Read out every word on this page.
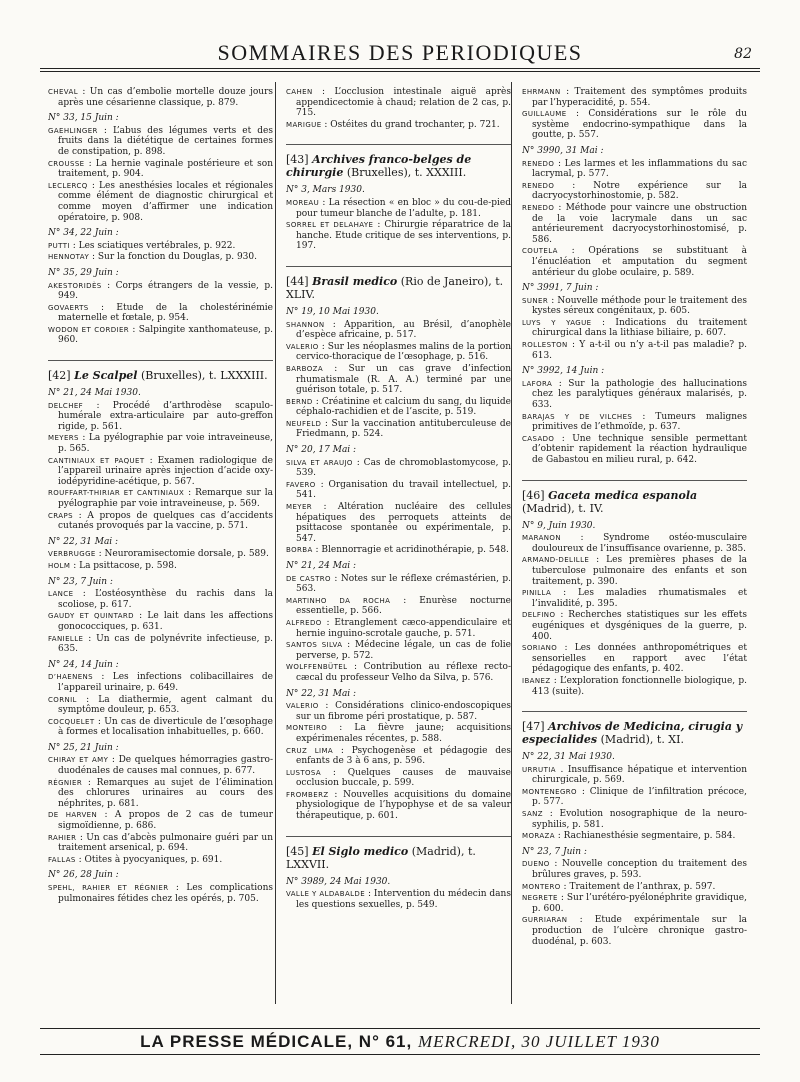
SOMMAIRES DES PERIODIQUES	82
CHEVAL : Un cas d’embolie mortelle douze jours après une césarienne classique, p. 879.
N° 33, 15 Juin :
GAEHLINGER : L’abus des légumes verts et des fruits dans la diététique de certaines formes de constipation, p. 898.
CROUSSE : La hernie vaginale postérieure et son traitement, p. 904.
LECLERCQ : Les anesthésies locales et régionales comme élément de diagnostic chirurgical et comme moyen d’affirmer une indication opératoire, p. 908.
N° 34, 22 Juin :
PUTTI : Les sciatiques vertébrales, p. 922.
HENNOTAY : Sur la fonction du Douglas, p. 930.
N° 35, 29 Juin :
AKESTORIDÈS : Corps étrangers de la vessie, p. 949.
GOVAERTS : Etude de la cholestérinémie maternelle et fœtale, p. 954.
WODON ET CORDIER : Salpingite xanthomateuse, p. 960.
[42] Le Scalpel (Bruxelles), t. LXXXIII.
N° 21, 24 Mai 1930.
DELCHEF : Procédé d’arthrodèse scapulo-humérale extra-articulaire par auto-greffon rigide, p. 561.
MEYERS : La pyélographie par voie intraveineuse, p. 565.
CANTINIAUX ET PAQUET : Examen radiologique de l’appareil urinaire après injection d’acide oxy-iodépyridine-acétique, p. 567.
ROUFFART-THIRIAR ET CANTINIAUX : Remarque sur la pyélographie par voie intraveineuse, p. 569.
CRAPS : A propos de quelques cas d’accidents cutanés provoqués par la vaccine, p. 571.
N° 22, 31 Mai :
VERBRUGGE : Neuroramisectomie dorsale, p. 589.
HOLM : La psittacose, p. 598.
N° 23, 7 Juin :
LANCE : L’ostéosynthèse du rachis dans la scoliose, p. 617.
GAUDY ET QUINTARD : Le lait dans les affections gonococciques, p. 631.
FANIELLE : Un cas de polynévrite infectieuse, p. 635.
N° 24, 14 Juin :
D’HAENENS : Les infections colibacillaires de l’appareil urinaire, p. 649.
CORNIL : La diathermie, agent calmant du symptôme douleur, p. 653.
COCQUELET : Un cas de diverticule de l’œsophage à formes et localisation inhabituelles, p. 660.
N° 25, 21 Juin :
CHIRAY ET AMY : De quelques hémorragies gastro-duodénales de causes mal connues, p. 677.
RÉGNIER : Remarques au sujet de l’élimination des chlorures urinaires au cours des néphrites, p. 681.
DE HARVEN : A propos de 2 cas de tumeur sigmoïdienne, p. 686.
RAHIER : Un cas d’abcès pulmonaire guéri par un traitement arsenical, p. 694.
FALLAS : Otites à pyocyaniques, p. 691.
N° 26, 28 Juin :
SPEHL, RAHIER ET RÉGNIER : Les complications pulmonaires fétides chez les opérés, p. 705.
CAHEN : L’occlusion intestinale aiguë après appendicectomie à chaud; relation de 2 cas, p. 715.
MARIGUE : Ostéites du grand trochanter, p. 721.
[43] Archives franco-belges de chirurgie (Bruxelles), t. XXXIII.
N° 3, Mars 1930.
MOREAU : La résection « en bloc » du cou-de-pied pour tumeur blanche de l’adulte, p. 181.
SORREL ET DELAHAYE : Chirurgie réparatrice de la hanche. Etude critique de ses interventions, p. 197.
[44] Brasil medico (Rio de Janeiro), t. XLIV.
N° 19, 10 Mai 1930.
SHANNON : Apparition, au Brésil, d’anophèle d’espèce africaine, p. 517.
VALERIO : Sur les néoplasmes malins de la portion cervico-thoracique de l’œsophage, p. 516.
BARBOZA : Sur un cas grave d’infection rhumatismale (R. A. A.) terminé par une guérison totale, p. 517.
BERND : Créatinine et calcium du sang, du liquide céphalo-rachidien et de l’ascite, p. 519.
NEUFELD : Sur la vaccination antituberculeuse de Friedmann, p. 524.
N° 20, 17 Mai :
SILVA ET ARAUJO : Cas de chromoblastomycose, p. 539.
FAVERO : Organisation du travail intellectuel, p. 541.
MEYER : Altération nucléaire des cellules hépatiques des perroquets atteints de psittacose spontanée ou expérimentale, p. 547.
BORBA : Blennorragie et acridinothérapie, p. 548.
N° 21, 24 Mai :
DE CASTRO : Notes sur le réflexe crémastérien, p. 563.
MARTINHO DA ROCHA : Enurèse nocturne essentielle, p. 566.
ALFREDO : Etranglement cæco-appendiculaire et hernie inguino-scrotale gauche, p. 571.
SANTOS SILVA : Médecine légale, un cas de folie perverse, p. 572.
WOLFFENBÜTEL : Contribution au réflexe recto-cæcal du professeur Velho da Silva, p. 576.
N° 22, 31 Mai :
VALERIO : Considérations clinico-endoscopiques sur un fibrome péri prostatique, p. 587.
MONTEIRO : La fièvre jaune; acquisitions expérimenales récentes, p. 588.
CRUZ LIMA : Psychogenèse et pédagogie des enfants de 3 à 6 ans, p. 596.
LUSTOSA : Quelques causes de mauvaise occlusion buccale, p. 599.
FROMBERZ : Nouvelles acquisitions du domaine physiologique de l’hypophyse et de sa valeur thérapeutique, p. 601.
[45] El Siglo medico (Madrid), t. LXXVII.
N° 3989, 24 Mai 1930.
VALLE Y ALDABALDE : Intervention du médecin dans les questions sexuelles, p. 549.
EHRMANN : Traitement des symptômes produits par l’hyperacidité, p. 554.
GUILLAUME : Considérations sur le rôle du système endocrino-sympathique dans la goutte, p. 557.
N° 3990, 31 Mai :
RENEDO : Les larmes et les inflammations du sac lacrymal, p. 577.
RENEDO : Notre expérience sur la dacryocystorhinostomie, p. 582.
RENEDO : Méthode pour vaincre une obstruction de la voie lacrymale dans un sac antérieurement dacryocystorhinostomisé, p. 586.
COUTELA : Opérations se substituant à l’énucléation et amputation du segment antérieur du globe oculaire, p. 589.
N° 3991, 7 Juin :
SUNER : Nouvelle méthode pour le traitement des kystes séreux congénitaux, p. 605.
LUYS Y YAGUE : Indications du traitement chirurgical dans la lithiase biliaire, p. 607.
ROLLESTON : Y a-t-il ou n’y a-t-il pas maladie? p. 613.
N° 3992, 14 Juin :
LAFORA : Sur la pathologie des hallucinations chez les paralytiques généraux malarisés, p. 633.
BARAJAS Y DE VILCHES : Tumeurs malignes primitives de l’ethmoïde, p. 637.
CASADO : Une technique sensible permettant d’obtenir rapidement la réaction hydraulique de Gabastou en milieu rural, p. 642.
[46] Gaceta medica espanola (Madrid), t. IV.
N° 9, Juin 1930.
MARANON : Syndrome ostéo-musculaire douloureux de l’insuffisance ovarienne, p. 385.
ARMAND-DELILLE : Les premières phases de la tuberculose pulmonaire des enfants et son traitement, p. 390.
PINILLA : Les maladies rhumatismales et l’invalidité, p. 395.
DELFINO : Recherches statistiques sur les effets eugéniques et dysgéniques de la guerre, p. 400.
SORIANO : Les données anthropométriques et sensorielles en rapport avec l’état pédagogique des enfants, p. 402.
IBANEZ : L’exploration fonctionnelle biologique, p. 413 (suite).
[47] Archivos de Medicina, cirugia y especialides (Madrid), t. XI.
N° 22, 31 Mai 1930.
URRUTIA . Insuffisance hépatique et intervention chirurgicale, p. 569.
MONTENEGRO : Clinique de l’infiltration précoce, p. 577.
SANZ : Evolution nosographique de la neuro-syphilis, p. 581.
MORAZA : Rachianesthésie segmentaire, p. 584.
N° 23, 7 Juin :
DUENO : Nouvelle conception du traitement des brûlures graves, p. 593.
MONTERO : Traitement de l’anthrax, p. 597.
NEGRETE : Sur l’urétéro-pyélonéphrite gravidique, p. 600.
GURRIARAN : Etude expérimentale sur la production de l’ulcère chronique gastro-duodénal, p. 603.
LA PRESSE MÉDICALE, N° 61, MERCREDI, 30 JUILLET 1930
